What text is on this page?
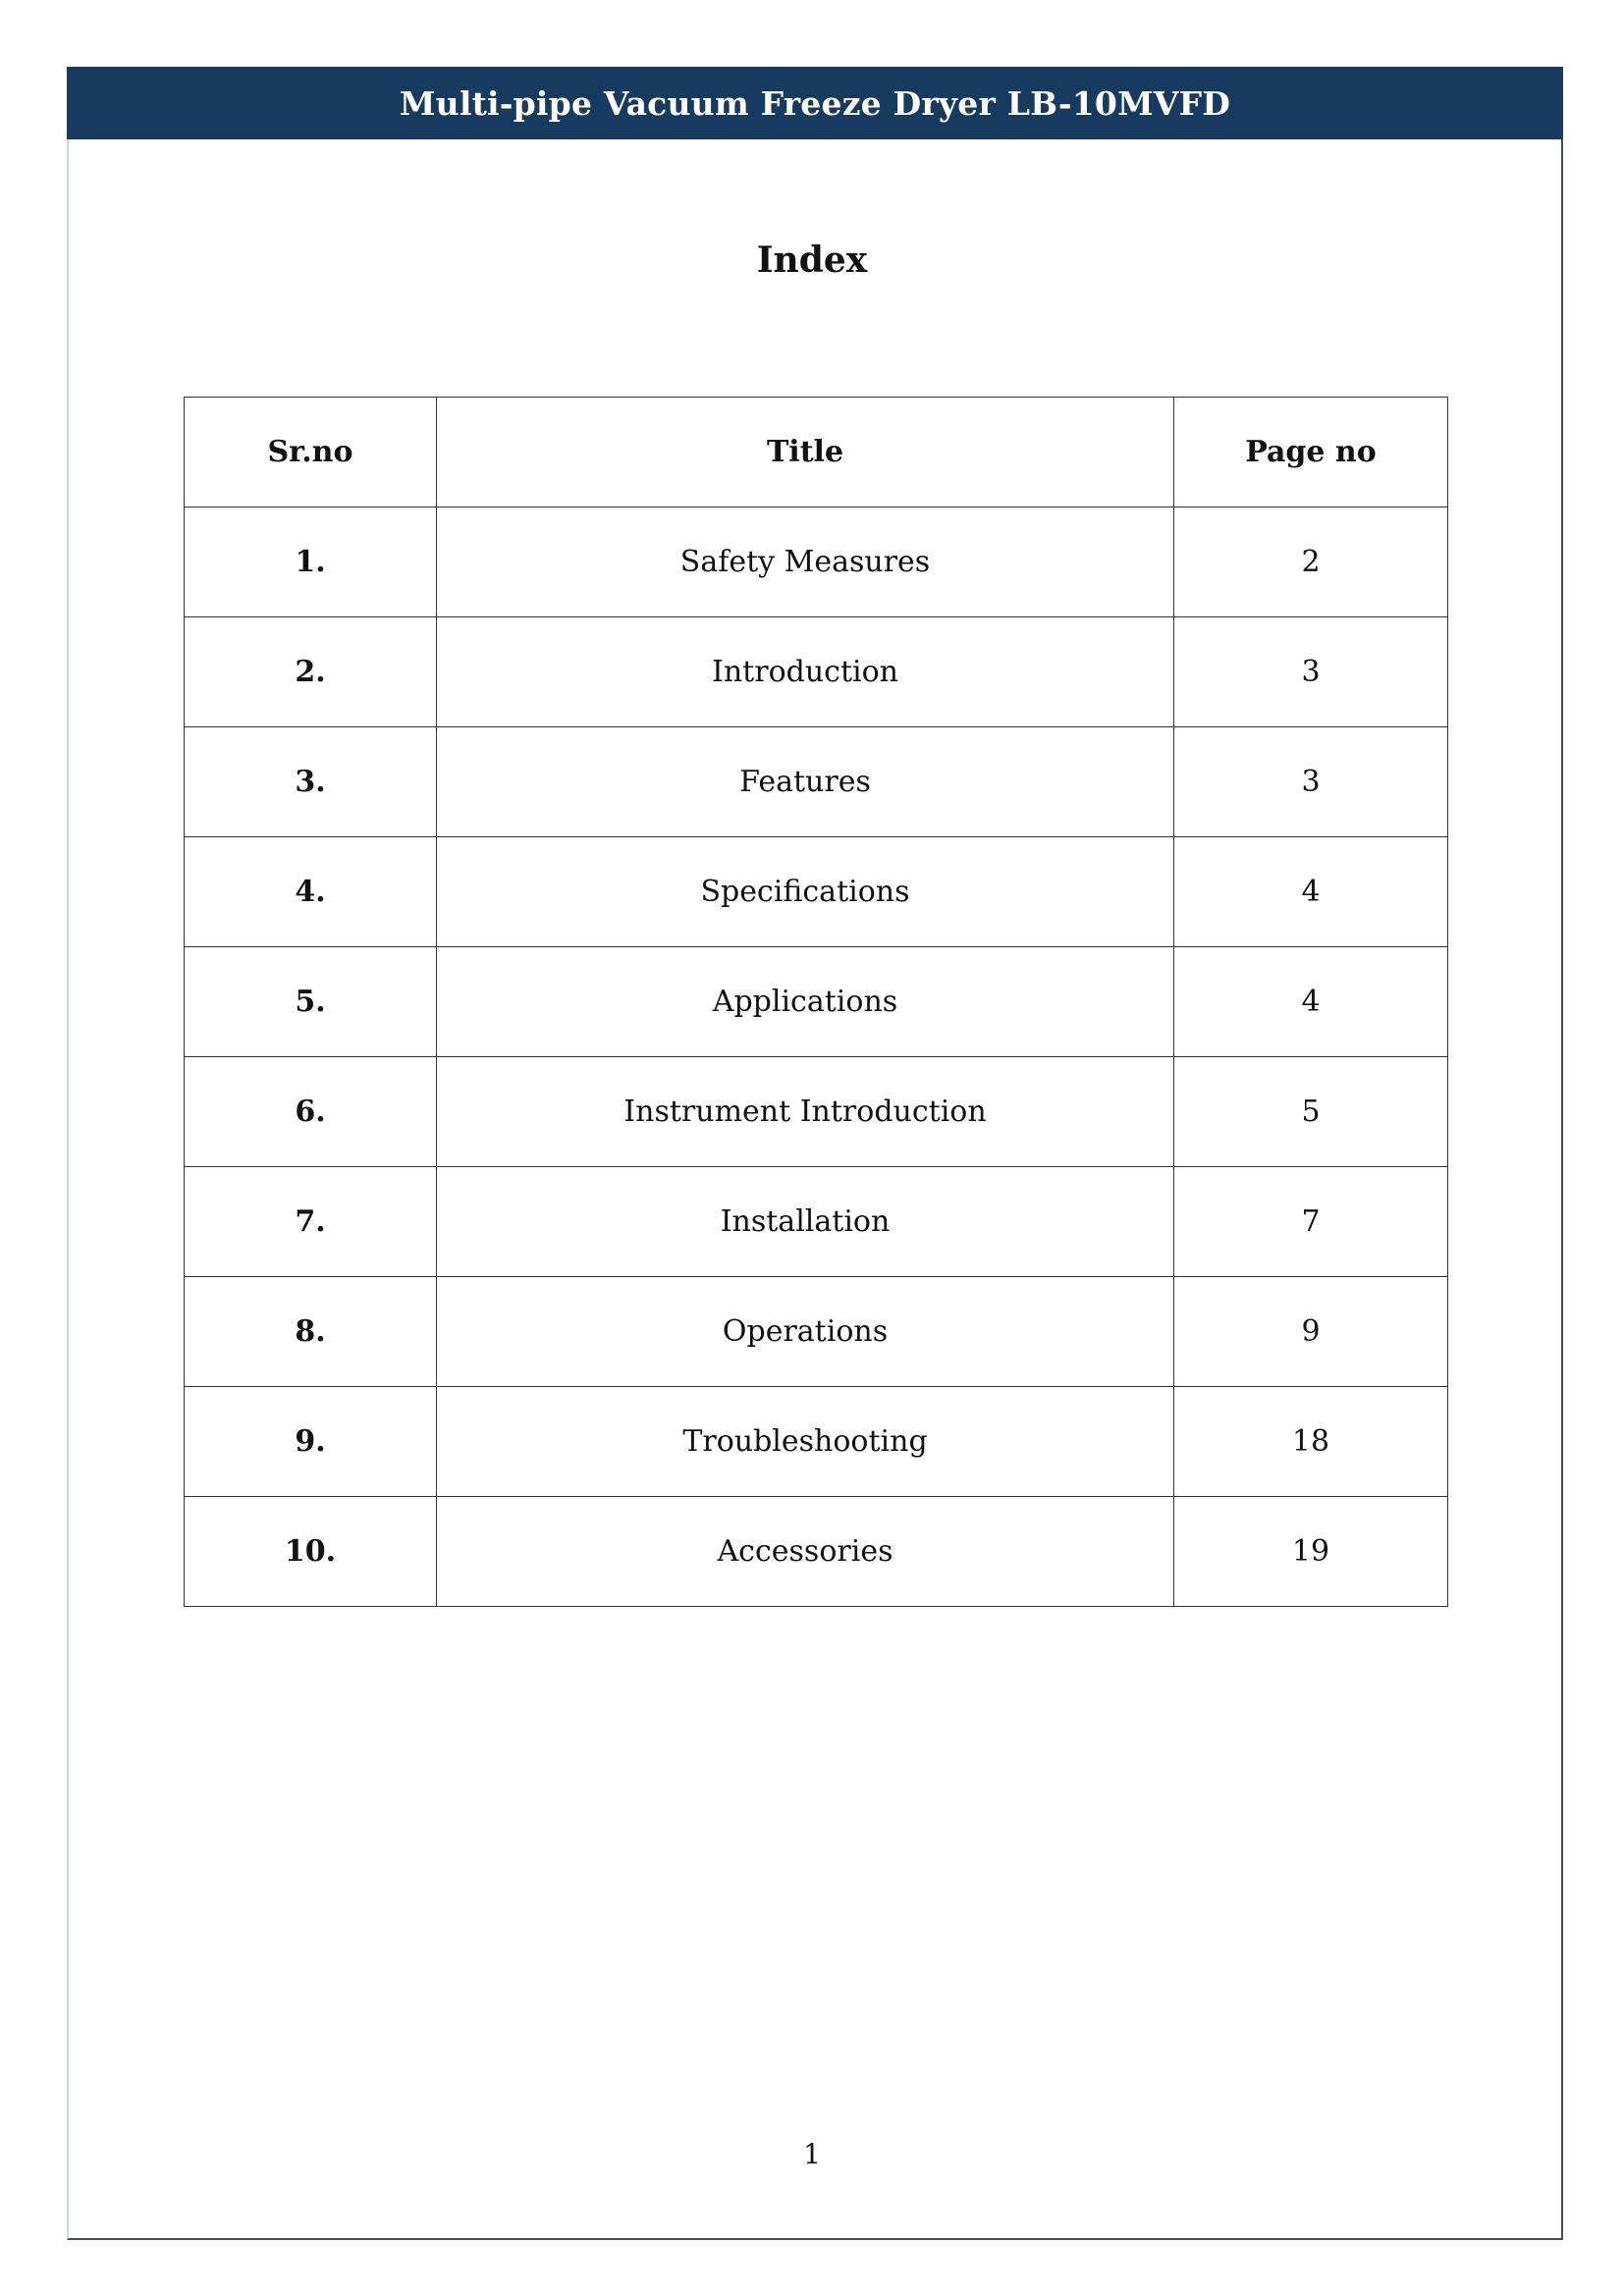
Multi-pipe Vacuum Freeze Dryer LB-10MVFD
Index
Sr.no	Title	Page no
1.	Safety Measures	2
2.	Introduction	3
3.	Features	3
4.	Specifications	4
5.	Applications	4
6.	Instrument Introduction	5
7.	Installation	7
8.	Operations	9
9.	Troubleshooting	18
10.	Accessories	19
1
